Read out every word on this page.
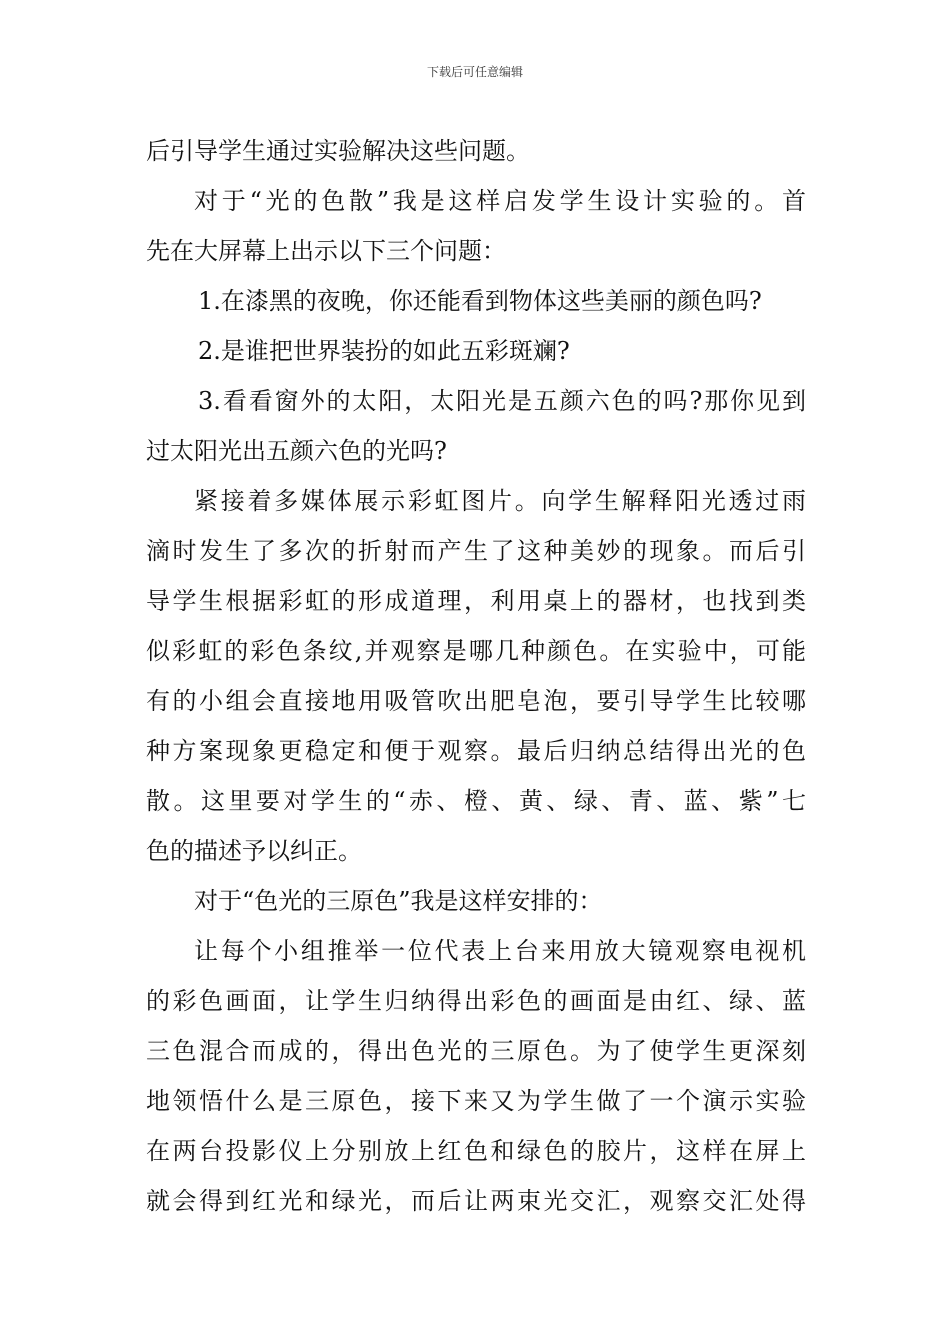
下载后可任意编辑
后引导学生通过实验解决这些问题。
对于“光的色散”我是这样启发学生设计实验的。首
先在大屏幕上出示以下三个问题：
1.在漆黑的夜晚，你还能看到物体这些美丽的颜色吗?
2.是谁把世界装扮的如此五彩斑斓?
3.看看窗外的太阳，太阳光是五颜六色的吗?那你见到
过太阳光出五颜六色的光吗?
紧接着多媒体展示彩虹图片。向学生解释阳光透过雨
滴时发生了多次的折射而产生了这种美妙的现象。而后引
导学生根据彩虹的形成道理，利用桌上的器材，也找到类
似彩虹的彩色条纹,并观察是哪几种颜色。在实验中，可能
有的小组会直接地用吸管吹出肥皂泡，要引导学生比较哪
种方案现象更稳定和便于观察。最后归纳总结得出光的色
散。这里要对学生的“赤、橙、黄、绿、青、蓝、紫”七
色的描述予以纠正。
对于“色光的三原色”我是这样安排的：
让每个小组推举一位代表上台来用放大镜观察电视机
的彩色画面，让学生归纳得出彩色的画面是由红、绿、蓝
三色混合而成的，得出色光的三原色。为了使学生更深刻
地领悟什么是三原色，接下来又为学生做了一个演示实验
在两台投影仪上分别放上红色和绿色的胶片，这样在屏上
就会得到红光和绿光，而后让两束光交汇，观察交汇处得
